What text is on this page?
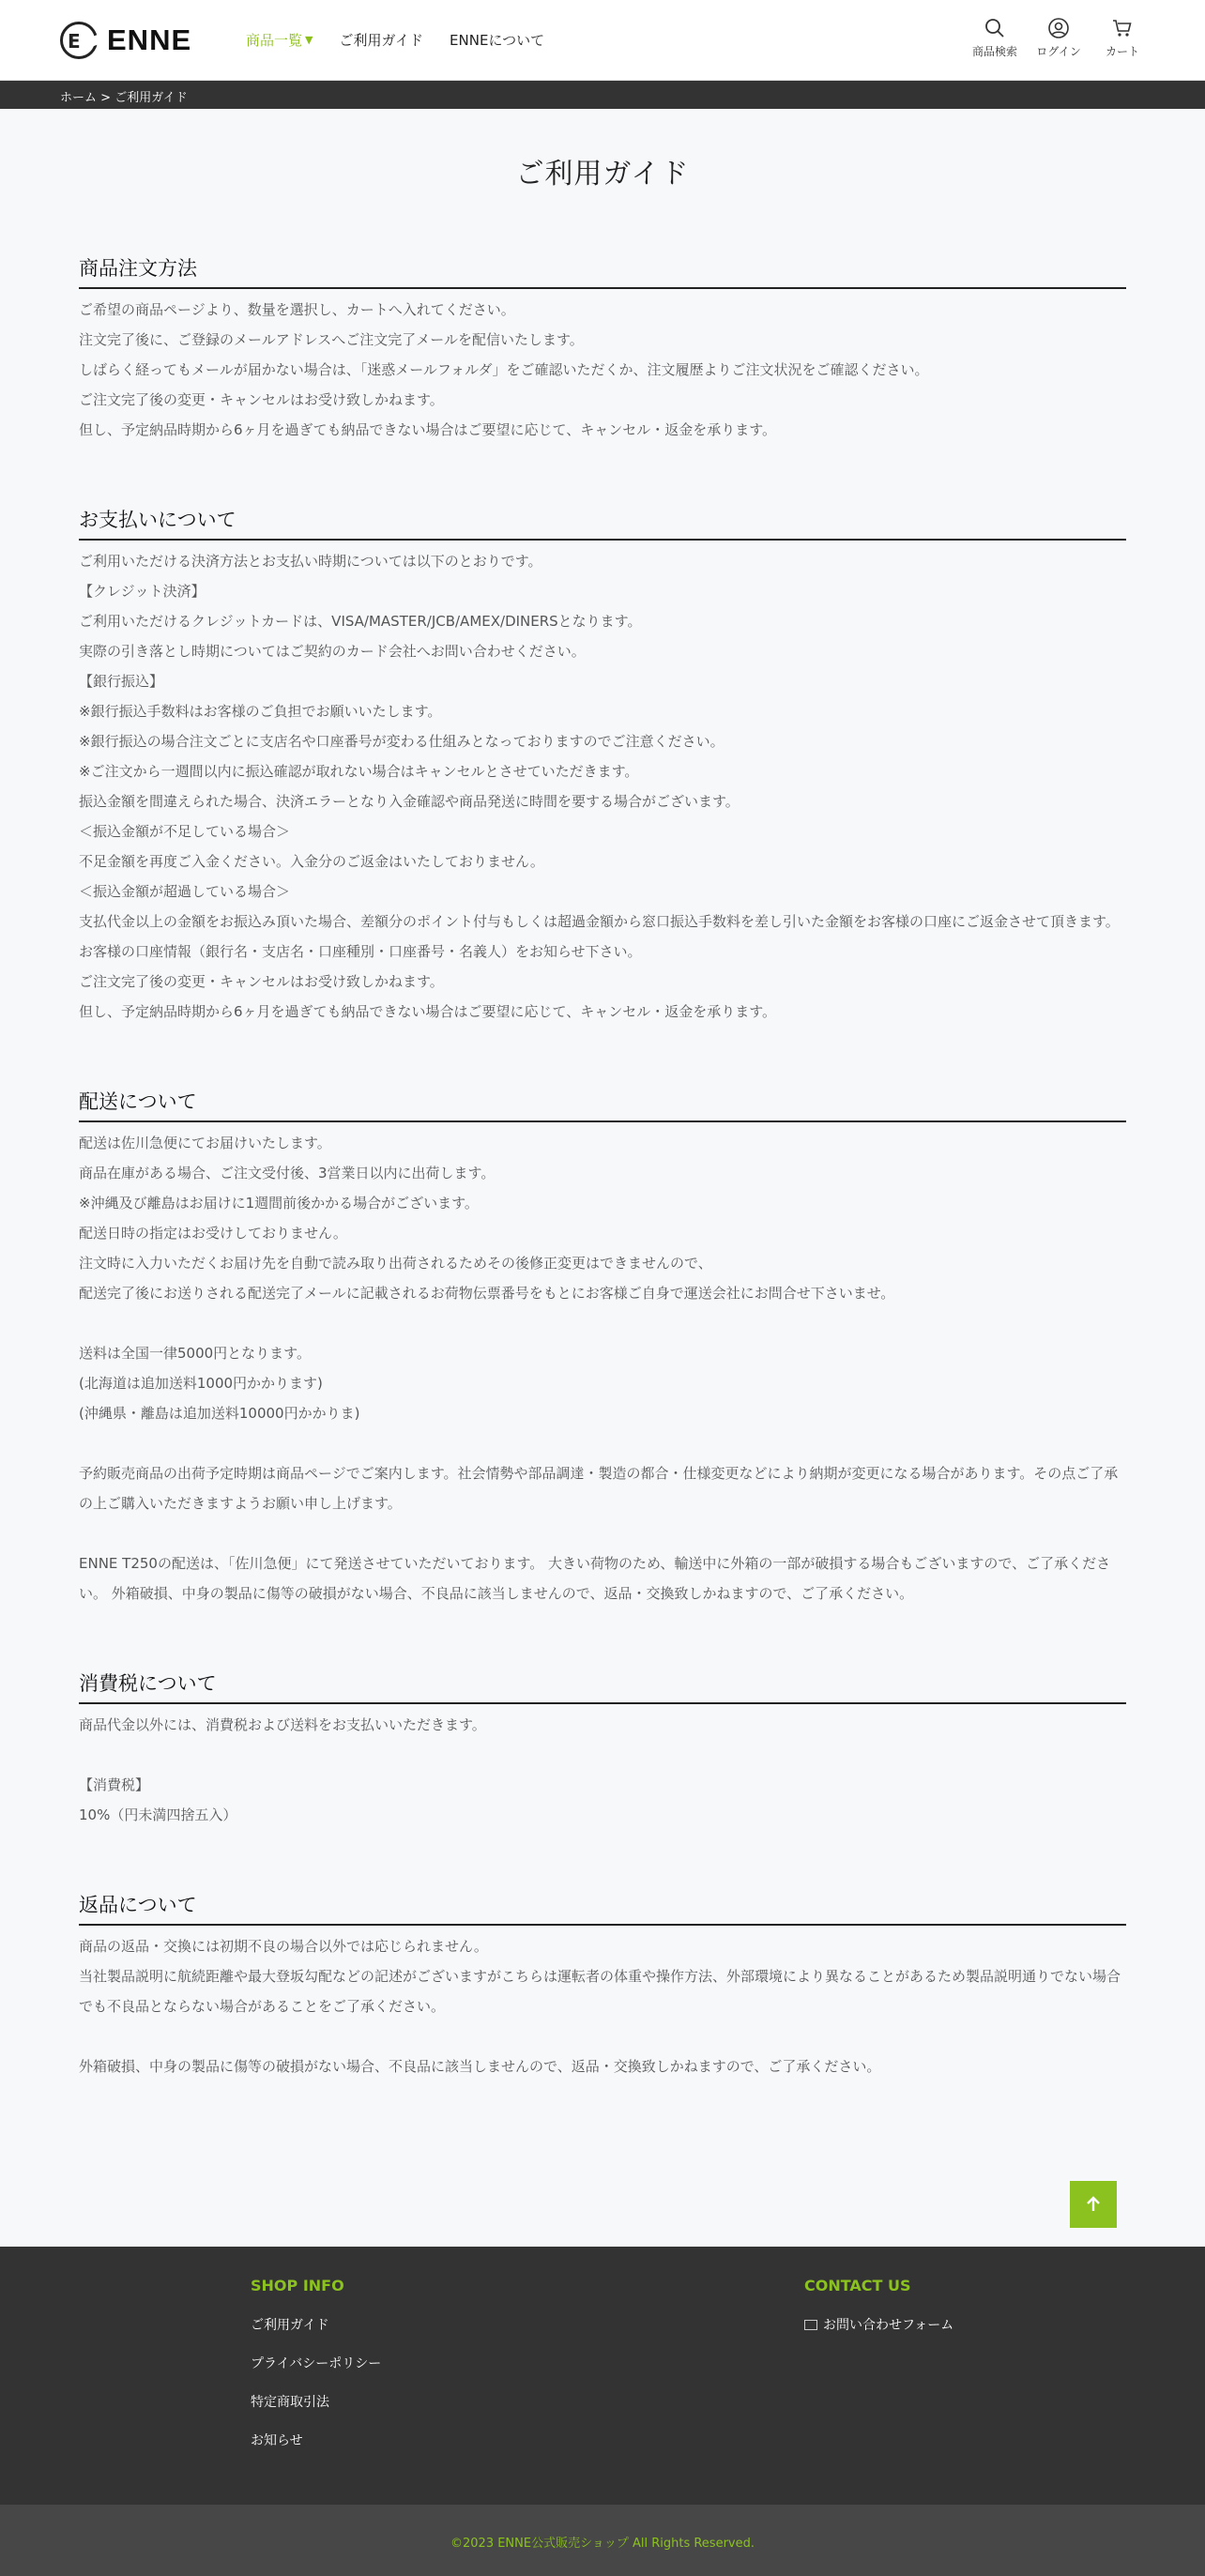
E ENNE	商品一覧 ▼ ご利用ガイド ENNEについて
商品検索	ログイン	カート
ホーム > ご利用ガイド
ご利用ガイド
商品注文方法

ご希望の商品ページより、数量を選択し、カートへ入れてください。

注文完了後に、ご登録のメールアドレスへご注文完了メールを配信いたします。

しばらく経ってもメールが届かない場合は、「迷惑メールフォルダ」をご確認いただくか、注文履歴よりご注文状況をご確認ください。

ご注文完了後の変更・キャンセルはお受け致しかねます。

但し、予定納品時期から6ヶ月を過ぎても納品できない場合はご要望に応じて、キャンセル・返金を承ります。

お支払いについて

ご利用いただける決済方法とお支払い時期については以下のとおりです。

【クレジット決済】

ご利用いただけるクレジットカードは、VISA/MASTER/JCB/AMEX/DINERSとなります。

実際の引き落とし時期についてはご契約のカード会社へお問い合わせください。

【銀行振込】

※銀行振込手数料はお客様のご負担でお願いいたします。

※銀行振込の場合注文ごとに支店名や口座番号が変わる仕組みとなっておりますのでご注意ください。

※ご注文から一週間以内に振込確認が取れない場合はキャンセルとさせていただきます。

振込金額を間違えられた場合、決済エラーとなり入金確認や商品発送に時間を要する場合がございます。

＜振込金額が不足している場合＞

不足金額を再度ご入金ください。入金分のご返金はいたしておりません。

＜振込金額が超過している場合＞

支払代金以上の金額をお振込み頂いた場合、差額分のポイント付与もしくは超過金額から窓口振込手数料を差し引いた金額をお客様の口座にご返金させて頂きます。

お客様の口座情報（銀行名・支店名・口座種別・口座番号・名義人）をお知らせ下さい。

ご注文完了後の変更・キャンセルはお受け致しかねます。

但し、予定納品時期から6ヶ月を過ぎても納品できない場合はご要望に応じて、キャンセル・返金を承ります。

配送について

配送は佐川急便にてお届けいたします。

商品在庫がある場合、ご注文受付後、3営業日以内に出荷します。

※沖縄及び離島はお届けに1週間前後かかる場合がございます。

配送日時の指定はお受けしておりません。

注文時に入力いただくお届け先を自動で読み取り出荷されるためその後修正変更はできませんので、

配送完了後にお送りされる配送完了メールに記載されるお荷物伝票番号をもとにお客様ご自身で運送会社にお問合せ下さいませ。

送料は全国一律5000円となります。

(北海道は追加送料1000円かかります)

(沖縄県・離島は追加送料10000円かかりま)

予約販売商品の出荷予定時期は商品ページでご案内します。社会情勢や部品調達・製造の都合・仕様変更などにより納期が変更になる場合があります。その点ご了承の上ご購入いただきますようお願い申し上げます。

ENNE T250の配送は、「佐川急便」にて発送させていただいております。 大きい荷物のため、輸送中に外箱の一部が破損する場合もございますので、ご了承ください。 外箱破損、中身の製品に傷等の破損がない場合、不良品に該当しませんので、返品・交換致しかねますので、ご了承ください。

消費税について

商品代金以外には、消費税および送料をお支払いいただきます。

【消費税】

10%（円未満四捨五入）

返品について

商品の返品・交換には初期不良の場合以外では応じられません。

当社製品説明に航続距離や最大登坂勾配などの記述がございますがこちらは運転者の体重や操作方法、外部環境により異なることがあるため製品説明通りでない場合でも不良品とならない場合があることをご了承ください。

外箱破損、中身の製品に傷等の破損がない場合、不良品に該当しませんので、返品・交換致しかねますので、ご了承ください。

SHOP INFO
ご利用ガイド
プライバシーポリシー
特定商取引法
お知らせ
CONTACT US
お問い合わせフォーム

©2023 ENNE公式販売ショップ All Rights Reserved.
